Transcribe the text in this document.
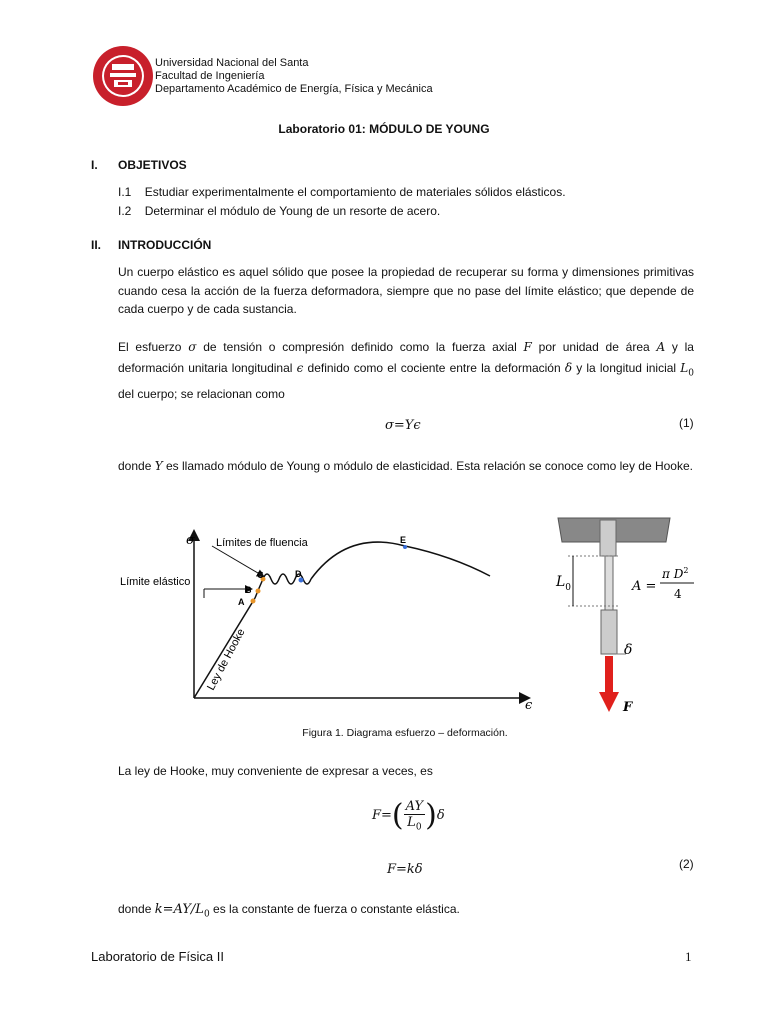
Universidad Nacional del Santa
Facultad de Ingeniería
Departamento Académico de Energía, Física y Mecánica
Laboratorio 01: MÓDULO DE YOUNG
I. OBJETIVOS
I.1 Estudiar experimentalmente el comportamiento de materiales sólidos elásticos.
I.2 Determinar el módulo de Young de un resorte de acero.
II. INTRODUCCIÓN
Un cuerpo elástico es aquel sólido que posee la propiedad de recuperar su forma y dimensiones primitivas cuando cesa la acción de la fuerza deformadora, siempre que no pase del límite elástico; que depende de cada cuerpo y de cada sustancia.
El esfuerzo σ de tensión o compresión definido como la fuerza axial F por unidad de área A y la deformación unitaria longitudinal ϵ definido como el cociente entre la deformación δ y la longitud inicial $L_0$ del cuerpo; se relacionan como
σ=Yϵ	(1)
donde Y es llamado módulo de Young o módulo de elasticidad. Esta relación se conoce como ley de Hooke.
σ
ϵ
Límites de fluencia
Límite elástico
Ley de Hooke
A
B
C	D
E
$L_0$	A =
π $D^2$
4
δ
F
Figura 1. Diagrama esfuerzo – deformación.
La ley de Hooke, muy conveniente de expresar a veces, es
F= ( $\frac{AY}{L_0}$ ) δ
F=kδ	(2)
donde $k=AY/L_0$ es la constante de fuerza o constante elástica.
Laboratorio de Física II	1
